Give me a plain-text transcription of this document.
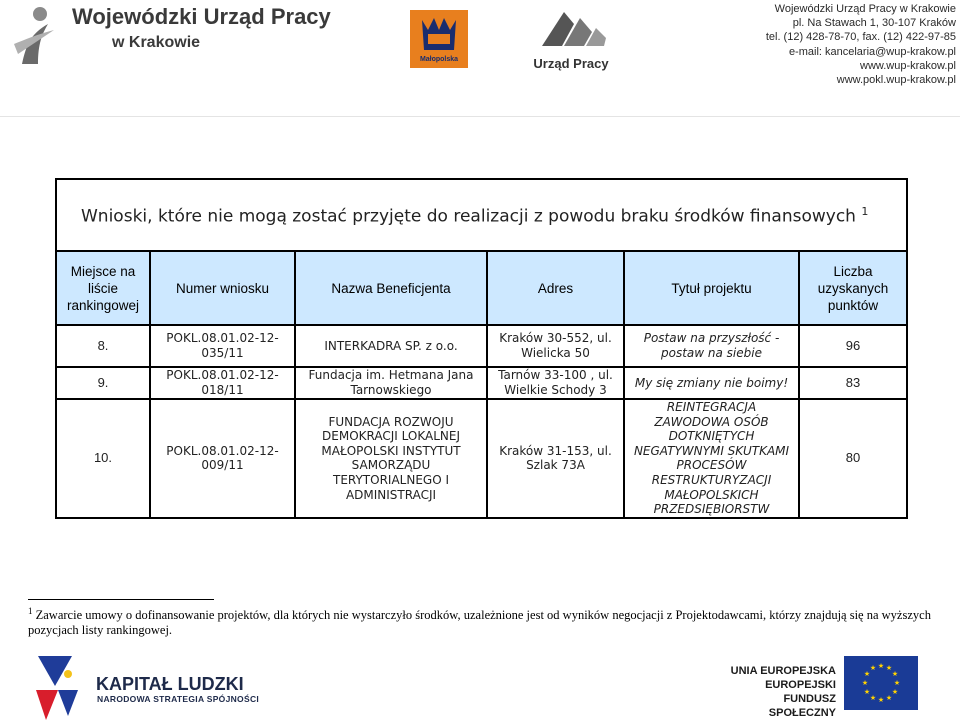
Wojewódzki Urząd Pracy
w Krakowie
Małopolska	Urząd Pracy
Wojewódzki Urząd Pracy w Krakowie
pl. Na Stawach 1, 30-107 Kraków
tel. (12) 428-78-70, fax. (12) 422-97-85
e-mail: kancelaria@wup-krakow.pl
www.wup-krakow.pl
www.pokl.wup-krakow.pl
Wnioski, które nie mogą zostać przyjęte do realizacji z powodu braku środków finansowych $^1$
Miejsce na liście rankingowej	Numer wniosku	Nazwa Beneficjenta	Adres	Tytuł projektu	Liczba uzyskanych punktów
8.	POKL.08.01.02-12-035/11	INTERKADRA SP. z o.o.	Kraków 30-552, ul. Wielicka 50	Postaw na przyszłość - postaw na siebie	96
9.	POKL.08.01.02-12-018/11	Fundacja im. Hetmana Jana Tarnowskiego	Tarnów 33-100 , ul. Wielkie Schody 3	My się zmiany nie boimy!	83
10.	POKL.08.01.02-12-009/11	FUNDACJA ROZWOJU DEMOKRACJI LOKALNEJ MAŁOPOLSKI INSTYTUT SAMORZĄDU TERYTORIALNEGO I ADMINISTRACJI	Kraków 31-153, ul. Szlak 73A	REINTEGRACJA ZAWODOWA OSÓB DOTKNIĘTYCH NEGATYWNYMI SKUTKAMI PROCESÓW RESTRUKTURYZACJI MAŁOPOLSKICH PRZEDSIĘBIORSTW	80
$^1$ Zawarcie umowy o dofinansowanie projektów, dla których nie wystarczyło środków, uzależnione jest od wyników negocjacji z Projektodawcami, którzy znajdują się na wyższych pozycjach listy rankingowej.
KAPITAŁ LUDZKI
NARODOWA STRATEGIA SPÓJNOŚCI
UNIA EUROPEJSKA
EUROPEJSKI
FUNDUSZ SPOŁECZNY
★ ★
★
★
★
★
★
★
★
★
★
★
